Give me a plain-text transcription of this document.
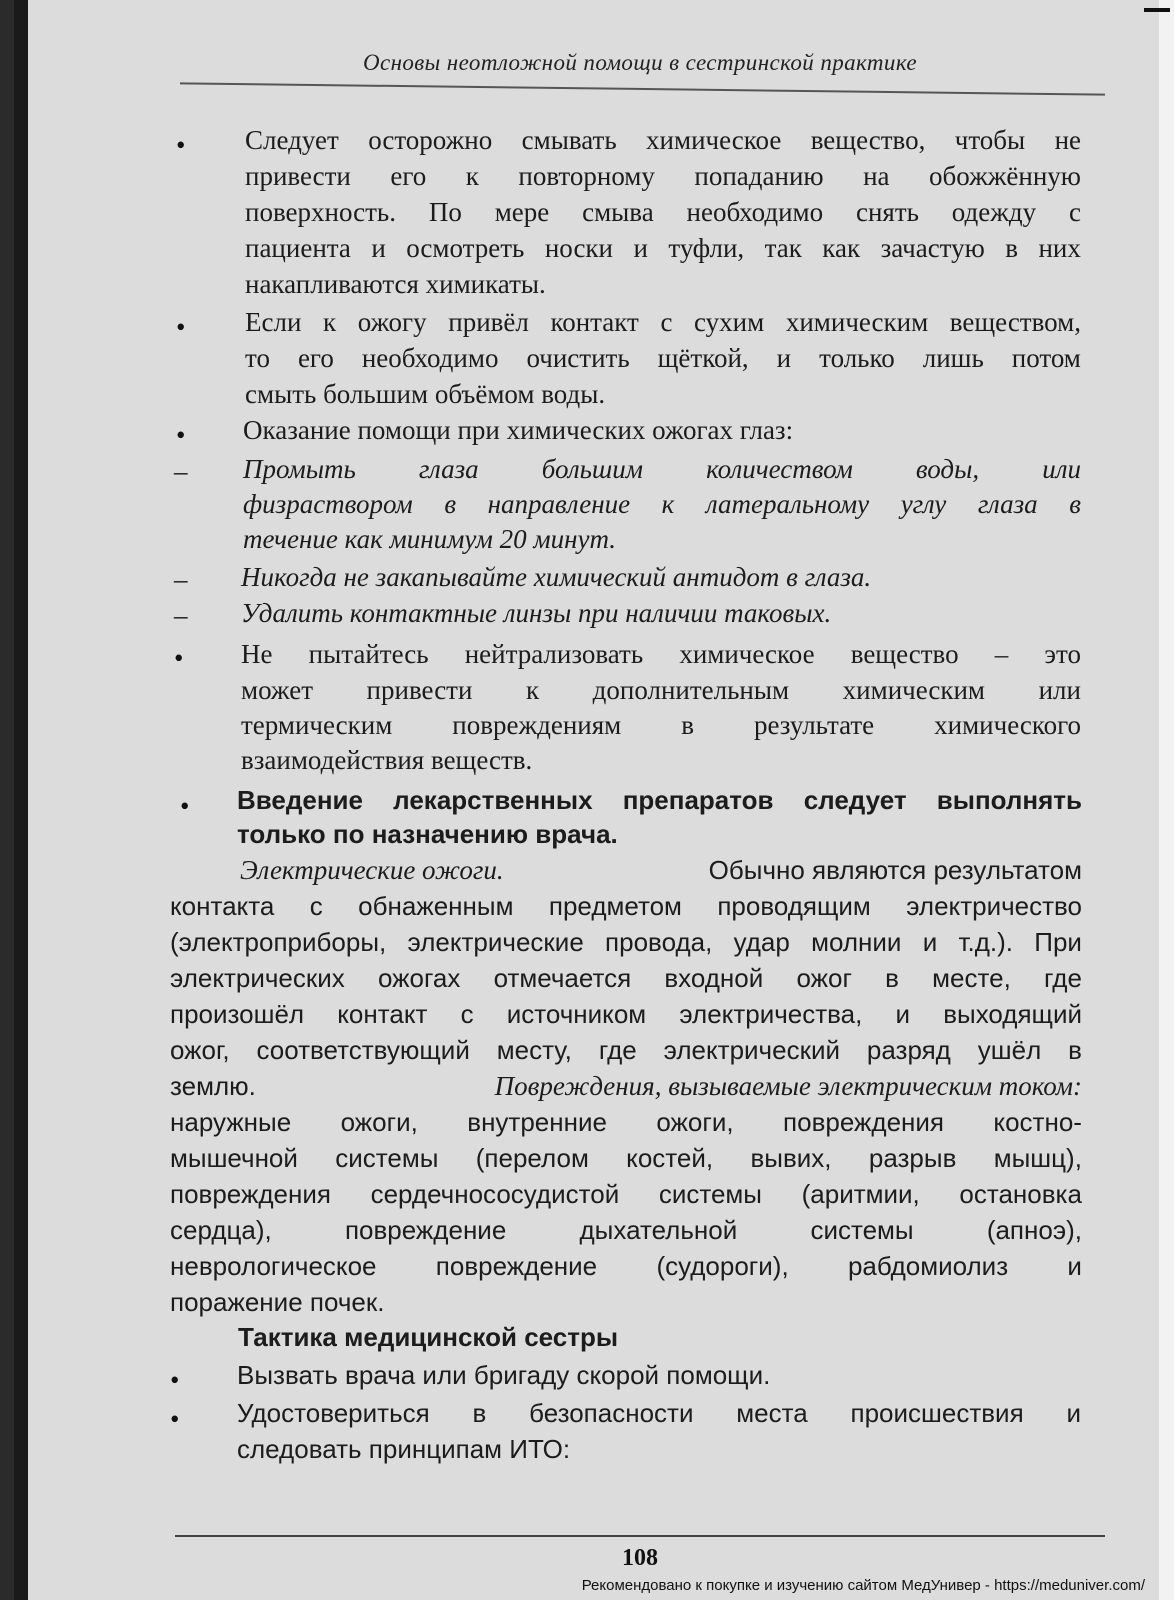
Основы неотложной помощи в сестринской практике
• Следует осторожно смывать химическое вещество, чтобы не
привести его к повторному попаданию на обожжённую
поверхность. По мере смыва необходимо снять одежду с
пациента и осмотреть носки и туфли, так как зачастую в них
накапливаются химикаты.
• Если к ожогу привёл контакт с сухим химическим веществом,
то его необходимо очистить щёткой, и только лишь потом
смыть большим объёмом воды.
• Оказание помощи при химических ожогах глаз:
– Промыть глаза большим количеством воды, или
физраствором в направление к латеральному углу глаза в
течение как минимум 20 минут.
– Никогда не закапывайте химический антидот в глаза.
– Удалить контактные линзы при наличии таковых.
• Не пытайтесь нейтрализовать химическое вещество – это
может привести к дополнительным химическим или
термическим повреждениям в результате химического
взаимодействия веществ.
• Введение лекарственных препаратов следует выполнять
только по назначению врача.
Электрические ожоги.	Обычно являются результатом
контакта с обнаженным предметом проводящим электричество
(электроприборы, электрические провода, удар молнии и т.д.). При
электрических ожогах отмечается входной ожог в месте, где
произошёл контакт с источником электричества, и выходящий
ожог, соответствующий месту, где электрический разряд ушёл в
землю.	Повреждения, вызываемые электрическим током:
наружные ожоги, внутренние ожоги, повреждения костно-
мышечной системы (перелом костей, вывих, разрыв мышц),
повреждения сердечнососудистой системы (аритмии, остановка
сердца),	повреждение	дыхательной	системы	(апноэ),
неврологическое повреждение (судороги), рабдомиолиз и
поражение почек.
Тактика медицинской сестры
• Вызвать врача или бригаду скорой помощи.
• Удостовериться в безопасности места происшествия и
следовать принципам ИТО:
108
Рекомендовано к покупке и изучению сайтом МедУнивер - https://meduniver.com/
